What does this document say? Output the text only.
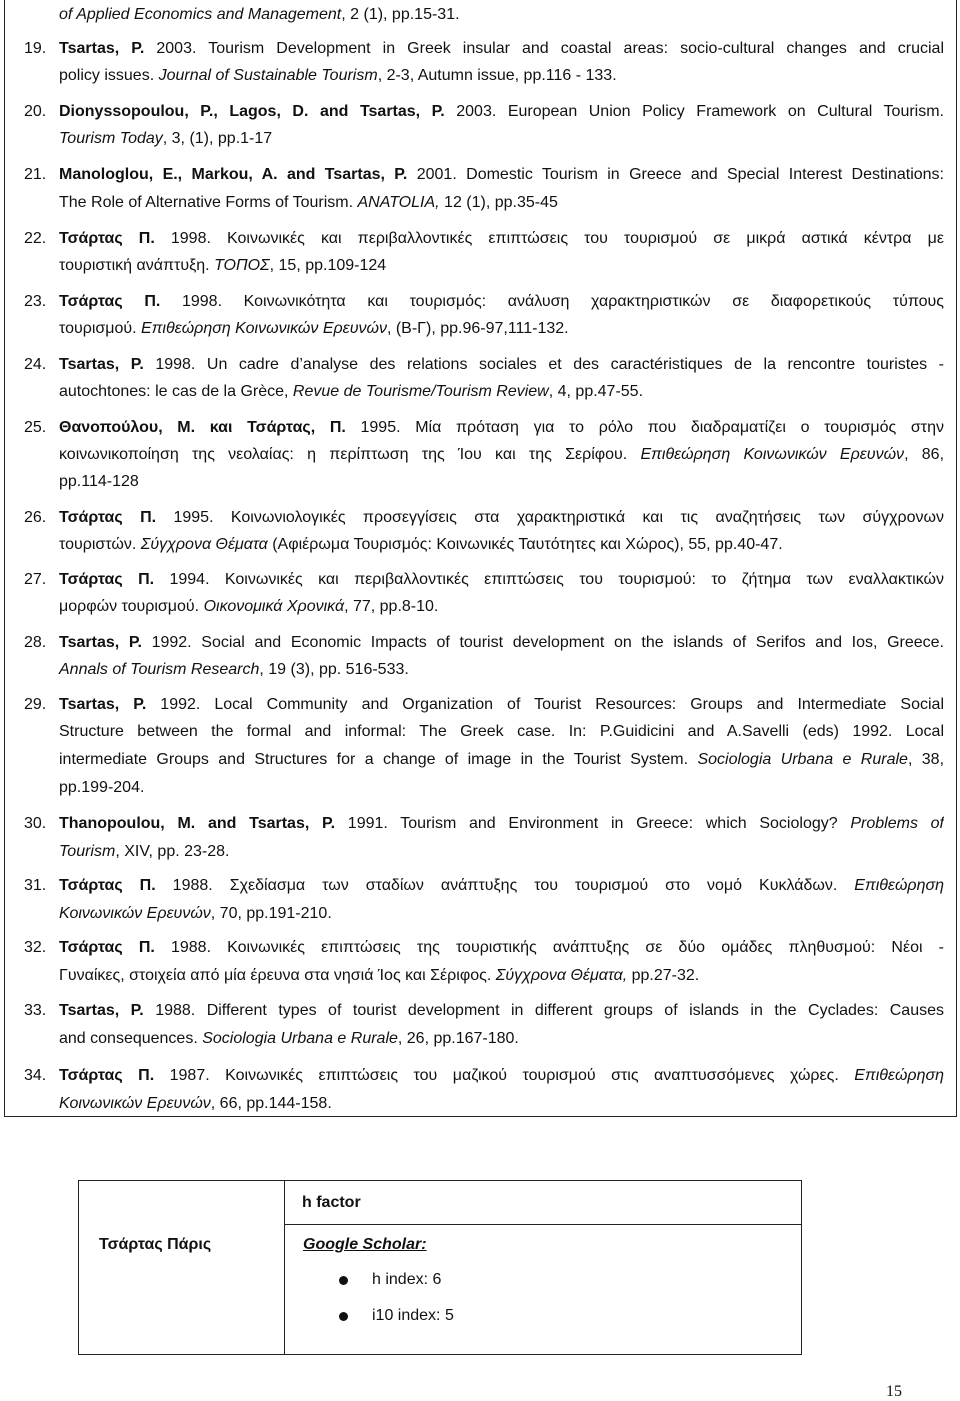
of Applied Economics and Management, 2 (1), pp.15-31.
19. Tsartas, P. 2003. Tourism Development in Greek insular and coastal areas: socio-cultural changes and crucial
policy issues. Journal of Sustainable Tourism, 2-3, Autumn issue, pp.116 - 133.
20. Dionyssopoulou, P., Lagos, D. and Tsartas, P. 2003. European Union Policy Framework on Cultural Tourism.
Tourism Today, 3, (1), pp.1-17
21. Manologlou, E., Markou, A. and Tsartas, P. 2001. Domestic Tourism in Greece and Special Interest Destinations:
The Role of Alternative Forms of Tourism. ANATOLIA, 12 (1), pp.35-45
22. Τσάρτας Π. 1998. Κοινωνικές και περιβαλλοντικές επιπτώσεις του τουρισμού σε μικρά αστικά κέντρα με
τουριστική ανάπτυξη. ΤΟΠΟΣ, 15, pp.109-124
23. Τσάρτας Π. 1998. Κοινωνικότητα και τουρισμός: ανάλυση χαρακτηριστικών σε διαφορετικούς τύπους
τουρισμού. Επιθεώρηση Κοινωνικών Ερευνών, (Β-Γ), pp.96-97,111-132.
24. Tsartas, P. 1998. Un cadre d’analyse des relations sociales et des caractéristiques de la rencontre touristes -
autochtones: le cas de la Grèce, Revue de Tourisme/Tourism Review, 4, pp.47-55.
25. Θανοπούλου, Μ. και Τσάρτας, Π. 1995. Μία πρόταση για το ρόλο που διαδραματίζει ο τουρισμός στην
κοινωνικοποίηση της νεολαίας: η περίπτωση της Ίου και της Σερίφου. Επιθεώρηση Κοινωνικών Ερευνών, 86,
pp.114-128
26. Τσάρτας Π. 1995. Κοινωνιολογικές προσεγγίσεις στα χαρακτηριστικά και τις αναζητήσεις των σύγχρονων
τουριστών. Σύγχρονα Θέματα (Αφιέρωμα Τουρισμός: Κοινωνικές Ταυτότητες και Χώρος), 55, pp.40-47.
27. Τσάρτας Π. 1994. Κοινωνικές και περιβαλλοντικές επιπτώσεις του τουρισμού: το ζήτημα των εναλλακτικών
μορφών τουρισμού. Οικονομικά Χρονικά, 77, pp.8-10.
28. Tsartas, P. 1992. Social and Economic Impacts of tourist development on the islands of Serifos and Ios, Greece.
Annals of Tourism Research, 19 (3), pp. 516-533.
29. Tsartas, P. 1992. Local Community and Organization of Tourist Resources: Groups and Intermediate Social
Structure between the formal and informal: The Greek case. In: P.Guidicini and A.Savelli (eds) 1992. Local
intermediate Groups and Structures for a change of image in the Tourist System. Sociologia Urbana e Rurale, 38,
pp.199-204.
30. Thanopoulou, M. and Tsartas, P. 1991. Tourism and Environment in Greece: which Sociology? Problems of
Tourism, XIV, pp. 23-28.
31. Τσάρτας Π. 1988. Σχεδίασμα των σταδίων ανάπτυξης του τουρισμού στο νομό Κυκλάδων. Επιθεώρηση
Κοινωνικών Ερευνών, 70, pp.191-210.
32. Τσάρτας Π. 1988. Κοινωνικές επιπτώσεις της τουριστικής ανάπτυξης σε δύο ομάδες πληθυσμού: Νέοι -
Γυναίκες, στοιχεία από μία έρευνα στα νησιά Ίος και Σέριφος. Σύγχρονα Θέματα, pp.27-32.
33. Tsartas, P. 1988. Different types of tourist development in different groups of islands in the Cyclades: Causes
and consequences. Sociologia Urbana e Rurale, 26, pp.167-180.
34. Τσάρτας Π. 1987. Κοινωνικές επιπτώσεις του μαζικού τουρισμού στις αναπτυσσόμενες χώρες. Επιθεώρηση
Κοινωνικών Ερευνών, 66, pp.144-158.
h factor
Τσάρτας Πάρις	Google Scholar:
h index: 6
i10 index: 5
15
